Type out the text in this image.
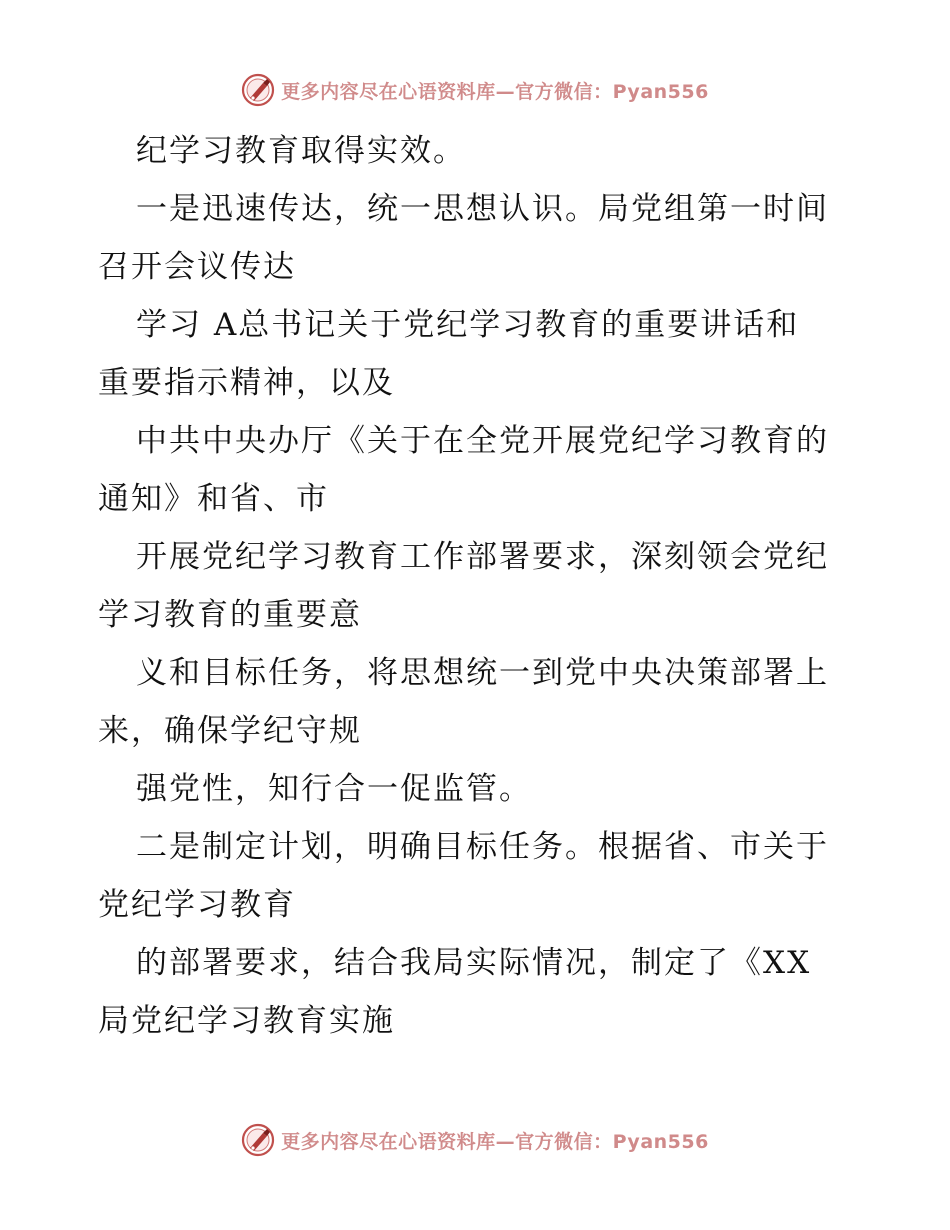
更多内容尽在心语资料库—官方微信：Pyan556

纪学习教育取得实效。

一是迅速传达，统一思想认识。局党组第一时间

召开会议传达

学习 A总书记关于党纪学习教育的重要讲话和

重要指示精神，以及

中共中央办厅《关于在全党开展党纪学习教育的

通知》和省、市

开展党纪学习教育工作部署要求，深刻领会党纪

学习教育的重要意

义和目标任务，将思想统一到党中央决策部署上

来，确保学纪守规

强党性，知行合一促监管。

二是制定计划，明确目标任务。根据省、市关于

党纪学习教育

的部署要求，结合我局实际情况，制定了《XX

局党纪学习教育实施

更多内容尽在心语资料库—官方微信：Pyan556
